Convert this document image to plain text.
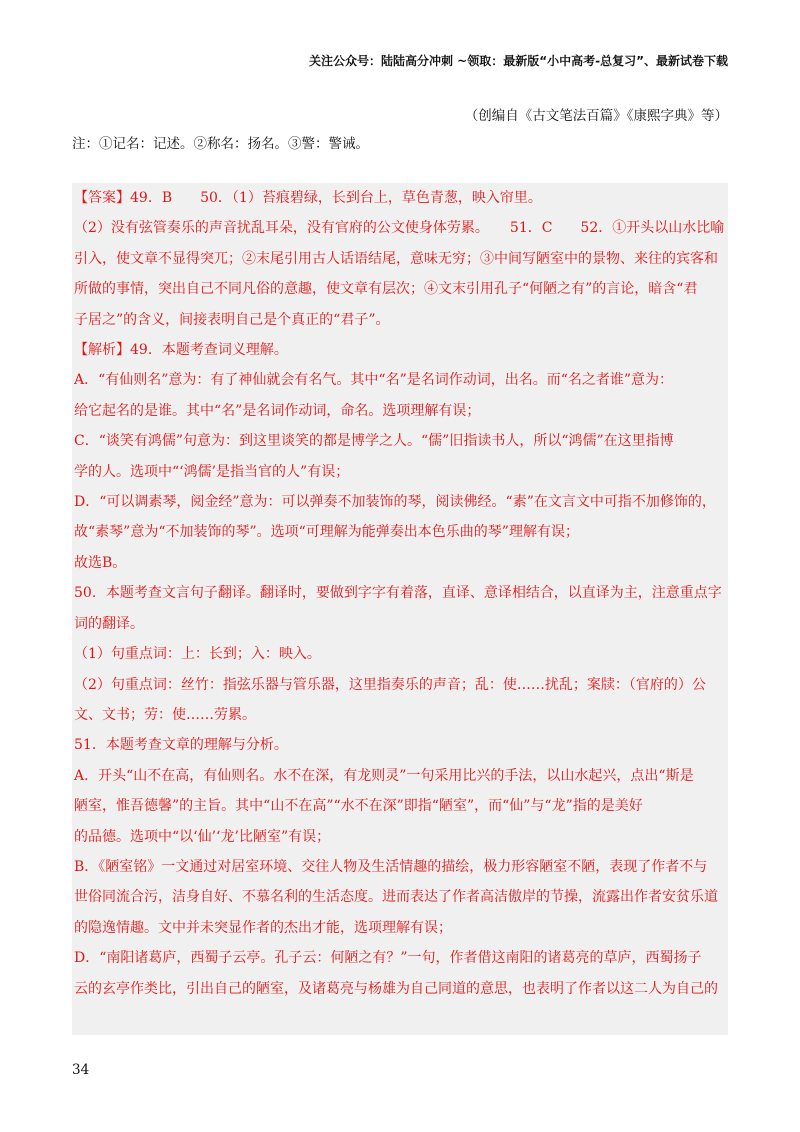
关注公众号：陆陆高分冲刺 ~领取：最新版“小中高考-总复习”、最新试卷下载
（创编自《古文笔法百篇》《康熙字典》等）
注：①记名：记述。②称名：扬名。③警：警诫。

【答案】49．B　　50．（1）苔痕碧绿，长到台上，草色青葱，映入帘里。

（2）没有弦管奏乐的声音扰乱耳朵，没有官府的公文使身体劳累。　　51．C　　52．①开头以山水比喻

引入，使文章不显得突兀；②末尾引用古人话语结尾，意味无穷；③中间写陋室中的景物、来往的宾客和

所做的事情，突出自己不同凡俗的意趣，使文章有层次；④文末引用孔子“何陋之有”的言论，暗含“君

子居之”的含义，间接表明自己是个真正的“君子”。

【解析】49．本题考查词义理解。

A．“有仙则名”意为：有了神仙就会有名气。其中“名”是名词作动词，出名。而“名之者谁”意为：

给它起名的是谁。其中“名”是名词作动词，命名。选项理解有误；

C．“谈笑有鸿儒”句意为：到这里谈笑的都是博学之人。“儒”旧指读书人，所以“鸿儒”在这里指博

学的人。选项中“‘鸿儒’是指当官的人”有误；

D．“可以调素琴，阅金经”意为：可以弹奏不加装饰的琴，阅读佛经。“素”在文言文中可指不加修饰的，

故“素琴”意为“不加装饰的琴”。选项“可理解为能弹奏出本色乐曲的琴”理解有误；

故选B。

50．本题考查文言句子翻译。翻译时，要做到字字有着落，直译、意译相结合，以直译为主，注意重点字

词的翻译。

（1）句重点词：上：长到；入：映入。

（2）句重点词：丝竹：指弦乐器与管乐器，这里指奏乐的声音；乱：使……扰乱；案牍：（官府的）公

文、文书；劳：使……劳累。

51．本题考查文章的理解与分析。

A．开头“山不在高，有仙则名。水不在深，有龙则灵”一句采用比兴的手法，以山水起兴，点出“斯是

陋室，惟吾德馨”的主旨。其中“山不在高”“水不在深”即指“陋室”，而“仙”与“龙”指的是美好

的品德。选项中“以‘仙’‘龙’比陋室”有误；

B．《陋室铭》一文通过对居室环境、交往人物及生活情趣的描绘，极力形容陋室不陋，表现了作者不与

世俗同流合污，洁身自好、不慕名利的生活态度。进而表达了作者高洁傲岸的节操，流露出作者安贫乐道

的隐逸情趣。文中并未突显作者的杰出才能，选项理解有误；

D．“南阳诸葛庐，西蜀子云亭。孔子云：何陋之有？”一句，作者借这南阳的诸葛亮的草庐，西蜀扬子

云的玄亭作类比，引出自己的陋室，及诸葛亮与杨雄为自己同道的意思，也表明了作者以这二人为自己的

34
